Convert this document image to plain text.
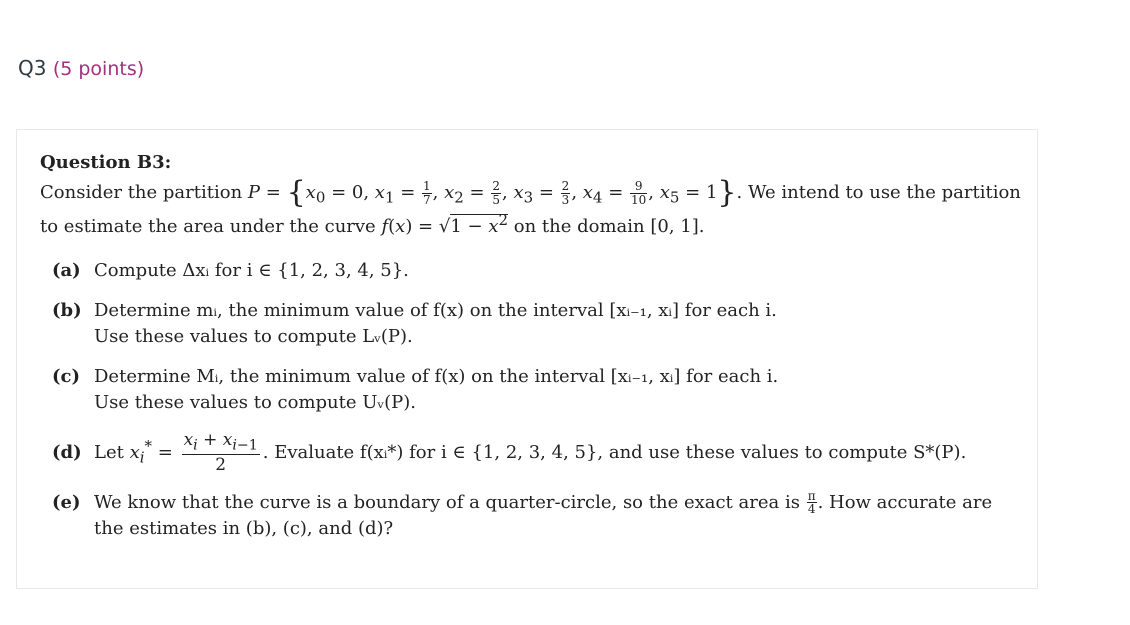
Q3 (5 points)
Question B3:

Consider the partition $P = \{x_0 = 0$, $x_1 = \frac{1}{7}$ , $x_2 = \frac{2}{5}$ , $x_3 = \frac{2}{3}$ , $x_4 = \frac{9}{10}$ , $x_5 = 1$}. We intend to use the partition to estimate the area under the curve $f(x) = √1 - x^2$ on the domain [0, 1].

(a) Compute Δxᵢ for i ∈ {1, 2, 3, 4, 5}.
(b) Determine mᵢ, the minimum value of f(x) on the interval [xᵢ₋₁, xᵢ] for each i.
Use these values to compute Lᵥ(P).
(c) Determine Mᵢ, the minimum value of f(x) on the interval [xᵢ₋₁, xᵢ] for each i.
Use these values to compute Uᵥ(P).
(d) Let $x_i^* = \frac{x_i + x_{i-1}}{2}$ . Evaluate f(xᵢ*) for i ∈ {1, 2, 3, 4, 5}, and use these values to compute S*(P).
(e) We know that the curve is a boundary of a quarter-circle, so the exact area is $\frac{\pi}{4}$ . How accurate are
the estimates in (b), (c), and (d)?
